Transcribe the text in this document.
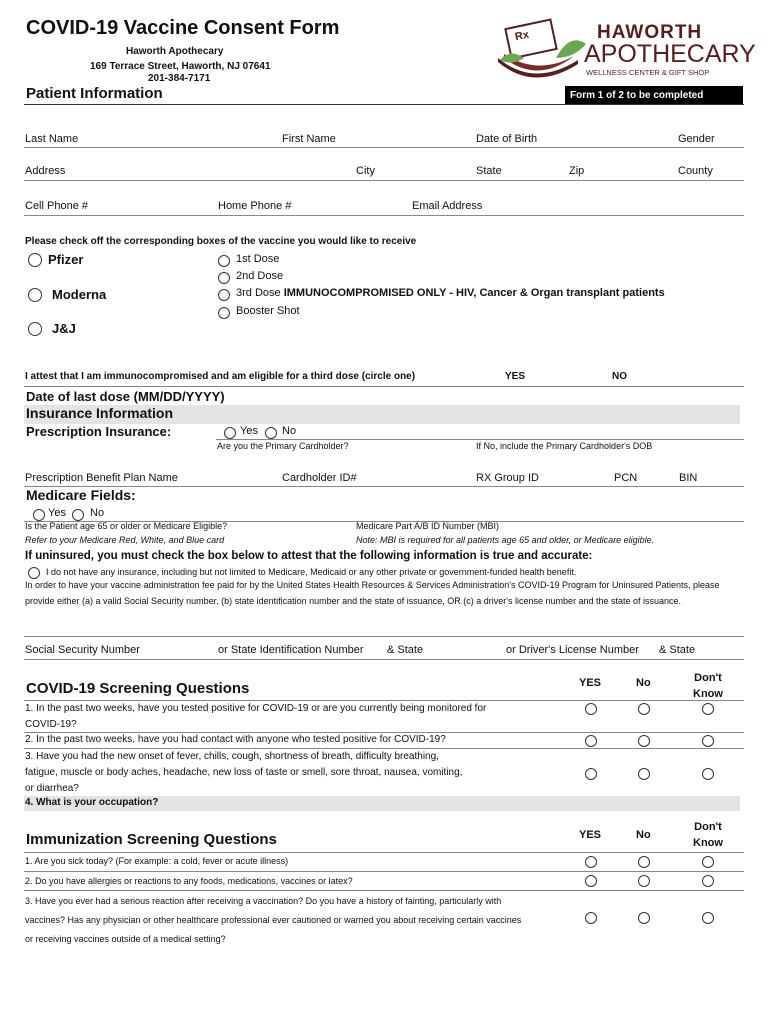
COVID-19 Vaccine Consent Form
Haworth Apothecary
169 Terrace Street, Haworth, NJ 07641
201-384-7171
Rx	HAWORTH
APOTHECARY
WELLNESS CENTER & GIFT SHOP
Patient Information	Form 1 of 2 to be completed
Last Name	First Name	Date of Birth	Gender
Address	City	State	Zip	County
Cell Phone #	Home Phone #	Email Address
Please check off the corresponding boxes of the vaccine you would like to receive
Pfizer
Moderna
J&J
1st Dose
2nd Dose
3rd Dose IMMUNOCOMPROMISED ONLY - HIV, Cancer & Organ transplant patients
Booster Shot
I attest that I am immunocompromised and am eligible for a third dose (circle one)	YES	NO
Date of last dose (MM/DD/YYYY)
Insurance Information
Prescription Insurance:	Yes No
Are you the Primary Cardholder?	If No, include the Primary Cardholder's DOB
Prescription Benefit Plan Name	Cardholder ID#	RX Group ID	PCN	BIN
Medicare Fields:
Yes No
Is the Patient age 65 or older or Medicare Eligible?
Refer to your Medicare Red, White, and Blue card
Medicare Part A/B ID Number (MBI)
Note: MBI is required for all patients age 65 and older, or Medicare eligible.
If uninsured, you must check the box below to attest that the following information is true and accurate:
I do not have any insurance, including but not limited to Medicare, Medicaid or any other private or government-funded health benefit.
In order to have your vaccine administration fee paid for by the United States Health Resources & Services Administration's COVID-19 Program for Uninsured Patients, please provide either (a) a valid Social Security number, (b) state identification number and the state of issuance, OR (c) a driver's license number and the state of issuance.
Social Security Number	or State Identification Number & State	or Driver's License Number & State
COVID-19 Screening Questions	YES	No	Don't Know
1. In the past two weeks, have you tested positive for COVID-19 or are you currently being monitored for COVID-19?
2. In the past two weeks, have you had contact with anyone who tested positive for COVID-19?
3. Have you had the new onset of fever, chills, cough, shortness of breath, difficulty breathing, fatigue, muscle or body aches, headache, new loss of taste or smell, sore throat, nausea, vomiting, or diarrhea?
4. What is your occupation?
Immunization Screening Questions	YES	No
Don't Know
1. Are you sick today? (For example: a cold, fever or acute illness)
2. Do you have allergies or reactions to any foods, medications, vaccines or latex?
3. Have you ever had a serious reaction after receiving a vaccination? Do you have a history of fainting, particularly with vaccines? Has any physician or other healthcare professional ever cautioned or warned you about receiving certain vaccines or receiving vaccines outside of a medical setting?
